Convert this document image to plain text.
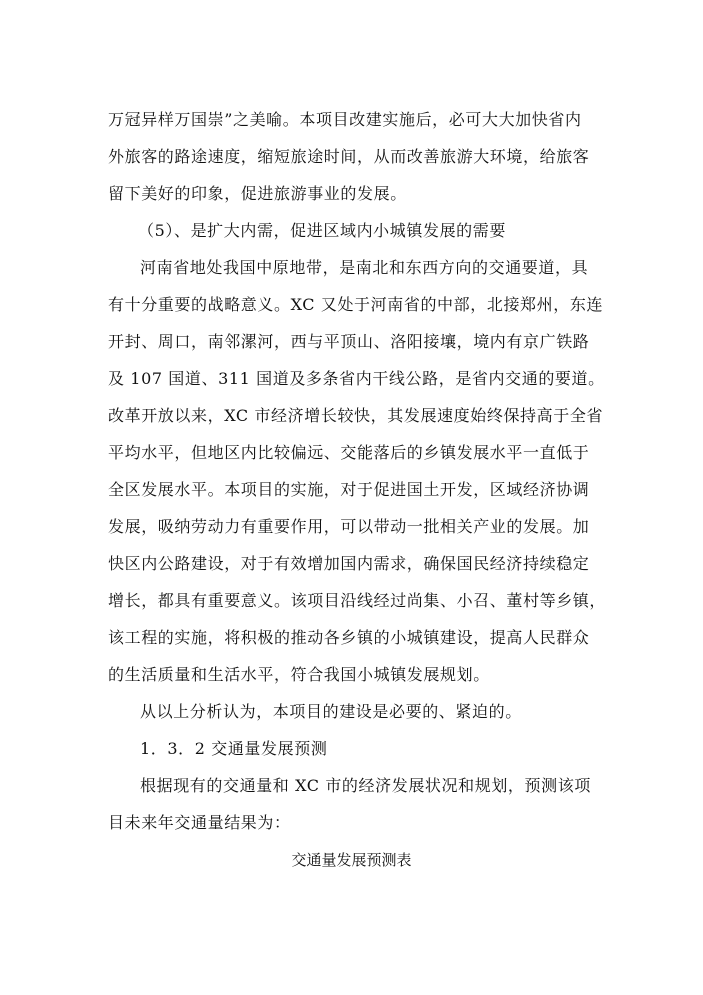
万冠异样万国崇”之美喻。本项目改建实施后，必可大大加快省内
外旅客的路途速度，缩短旅途时间，从而改善旅游大环境，给旅客
留下美好的印象，促进旅游事业的发展。
（5）、是扩大内需，促进区域内小城镇发展的需要
河南省地处我国中原地带，是南北和东西方向的交通要道，具
有十分重要的战略意义。XC 又处于河南省的中部，北接郑州，东连
开封、周口，南邻漯河，西与平顶山、洛阳接壤，境内有京广铁路
及 107 国道、311 国道及多条省内干线公路，是省内交通的要道。
改革开放以来，XC 市经济增长较快，其发展速度始终保持高于全省
平均水平，但地区内比较偏远、交能落后的乡镇发展水平一直低于
全区发展水平。本项目的实施，对于促进国土开发，区域经济协调
发展，吸纳劳动力有重要作用，可以带动一批相关产业的发展。加
快区内公路建设，对于有效增加国内需求，确保国民经济持续稳定
增长，都具有重要意义。该项目沿线经过尚集、小召、董村等乡镇，
该工程的实施，将积极的推动各乡镇的小城镇建设，提高人民群众
的生活质量和生活水平，符合我国小城镇发展规划。
从以上分析认为，本项目的建设是必要的、紧迫的。
1．3．2 交通量发展预测
根据现有的交通量和 XC 市的经济发展状况和规划，预测该项
目未来年交通量结果为：
交通量发展预测表
